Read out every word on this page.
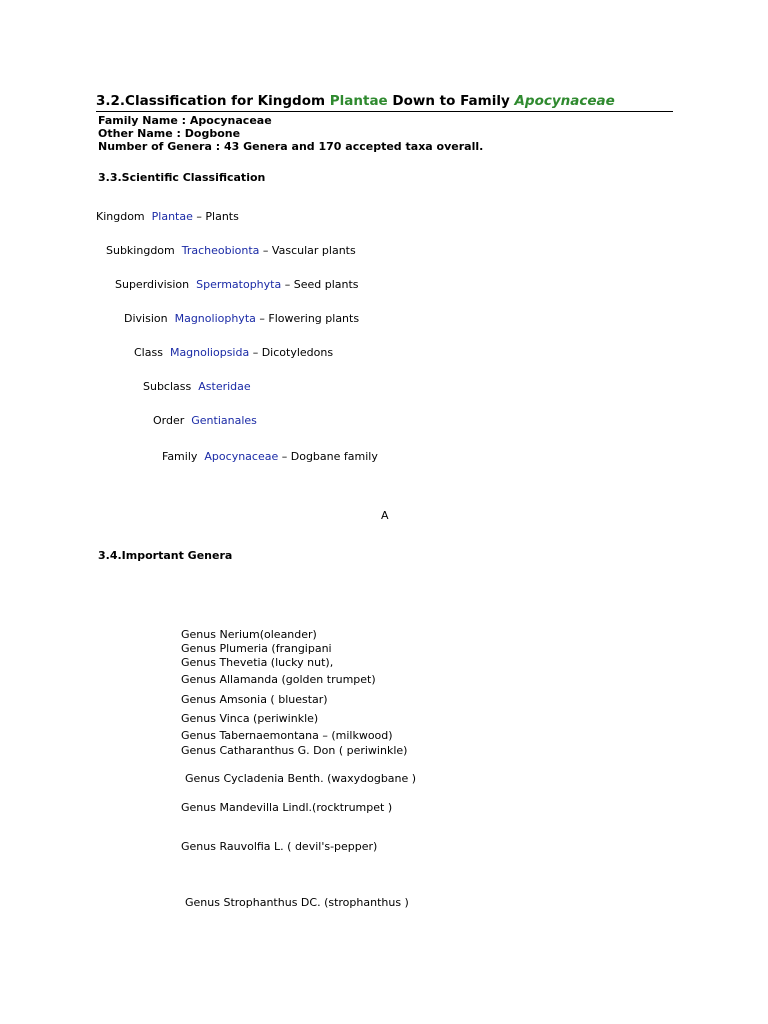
3.2.Classification for Kingdom Plantae Down to Family Apocynaceae
Family Name : Apocynaceae
Other Name : Dogbone
Number of Genera : 43 Genera and 170 accepted taxa overall.
3.3.Scientific Classification
Kingdom Plantae – Plants
Subkingdom Tracheobionta – Vascular plants
Superdivision Spermatophyta – Seed plants
Division Magnoliophyta – Flowering plants
Class Magnoliopsida – Dicotyledons
Subclass Asteridae
Order Gentianales
Family Apocynaceae – Dogbane family
A
3.4.Important Genera
Genus Nerium(oleander)
Genus Plumeria (frangipani
Genus Thevetia (lucky nut),
Genus Allamanda (golden trumpet)
Genus Amsonia ( bluestar)
Genus Vinca (periwinkle)
Genus Tabernaemontana – (milkwood)
Genus Catharanthus G. Don ( periwinkle)
Genus Cycladenia Benth. (waxydogbane )
Genus Mandevilla Lindl.(rocktrumpet )
Genus Rauvolfia L. ( devil's-pepper)
Genus Strophanthus DC. (strophanthus )
